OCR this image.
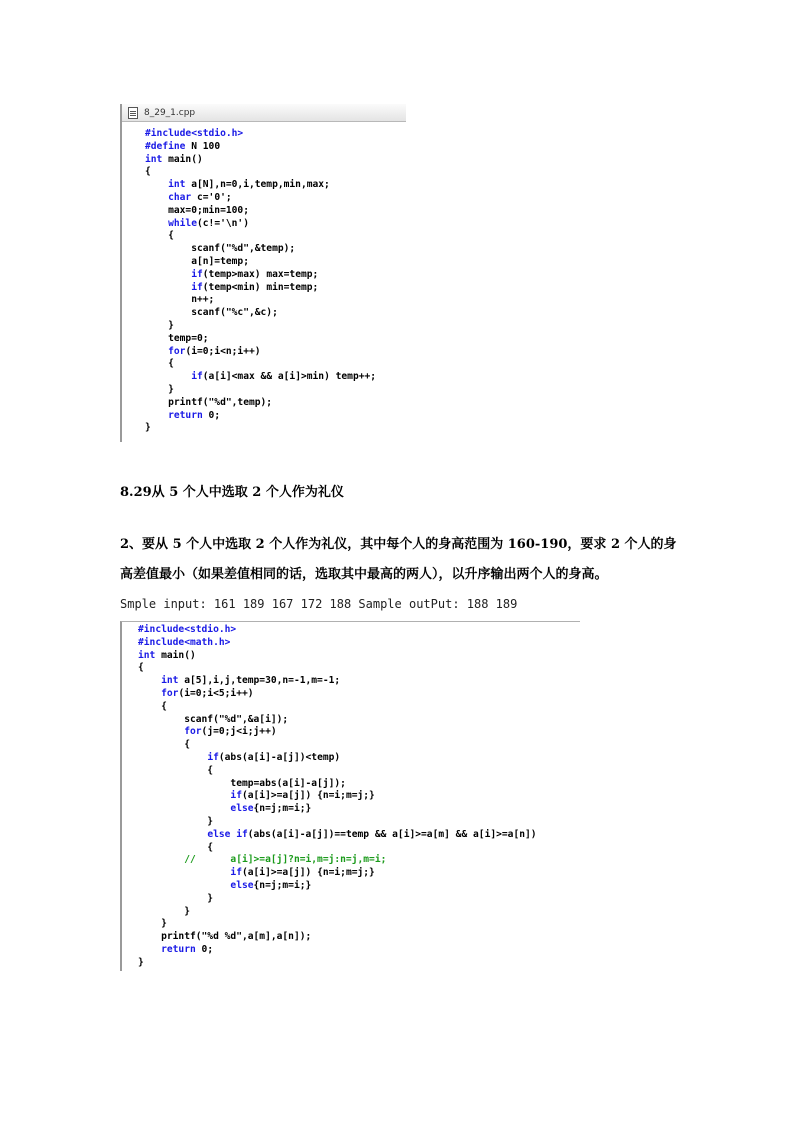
8_29_1.cpp
#include<stdio.h>
#define N 100
int main()
{
int a[N],n=0,i,temp,min,max;
char c='0';
max=0;min=100;
while(c!='\n')
{
scanf("%d",&temp);
a[n]=temp;
if(temp>max) max=temp;
if(temp<min) min=temp;
n++;
scanf("%c",&c);
}
temp=0;
for(i=0;i<n;i++)
{
if(a[i]<max && a[i]>min) temp++;
}
printf("%d",temp);
return 0;
}

8.29从 5 个人中选取 2 个人作为礼仪

2、要从 5 个人中选取 2 个人作为礼仪，其中每个人的身高范围为 160-190，要求 2 个人的身高差值最小（如果差值相同的话，选取其中最高的两人），以升序输出两个人的身高。

Smple input: 161 189 167 172 188 Sample outPut: 188 189

#include<stdio.h>
#include<math.h>
int main()
{
int a[5],i,j,temp=30,n=-1,m=-1;
for(i=0;i<5;i++)
{
scanf("%d",&a[i]);
for(j=0;j<i;j++)
{
if(abs(a[i]-a[j])<temp)
{
temp=abs(a[i]-a[j]);
if(a[i]>=a[j]) {n=i;m=j;}
else{n=j;m=i;}
}
else if(abs(a[i]-a[j])==temp && a[i]>=a[m] && a[i]>=a[n])
{
//      a[i]>=a[j]?n=i,m=j:n=j,m=i;
if(a[i]>=a[j]) {n=i;m=j;}
else{n=j;m=i;}
}
}
}
printf("%d %d",a[m],a[n]);
return 0;
}
